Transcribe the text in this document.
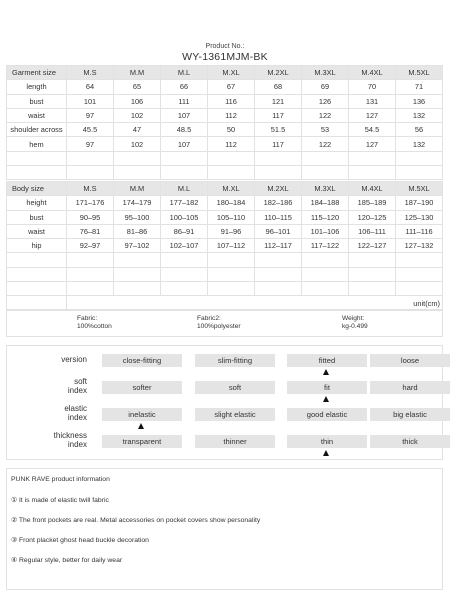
Product No.:
WY-1361MJM-BK
Garment size	M.S	M.M	M.L	M.XL	M.2XL	M.3XL	M.4XL	M.5XL
length	64	65	66	67	68	69	70	71
bust	101	106	111	116	121	126	131	136
waist	97	102	107	112	117	122	127	132
shoulder across	45.5	47	48.5	50	51.5	53	54.5	56
hem	97	102	107	112	117	122	127	132

Body size	M.S	M.M	M.L	M.XL	M.2XL	M.3XL	M.4XL	M.5XL
height	171–176	174–179	177–182	180–184	182–186	184–188	185–189	187–190
bust	90–95	95–100	100–105	105–110	110–115	115–120	120–125	125–130
waist	76–81	81–86	86–91	91–96	96–101	101–106	106–111	111–116
hip	92–97	97–102	102–107	107–112	112–117	117–122	122–127	127–132

	unit(cm)							
Fabric:
100%cotton
Fabric2:
100%polyester
Weight:
kg-0.499
version	close-fitting	slim-fitting	fitted	loose
soft
index	softer	soft	fit	hard
elastic
index	inelastic	slight elastic	good elastic	big elastic
thickness
index	transparent	thinner	thin	thick
PUNK RAVE product information
① It is made of elastic twill fabric
② The front pockets are real. Metal accessories on pocket covers show personality
③ Front placket ghost head buckle decoration
④ Regular style, better for daily wear
